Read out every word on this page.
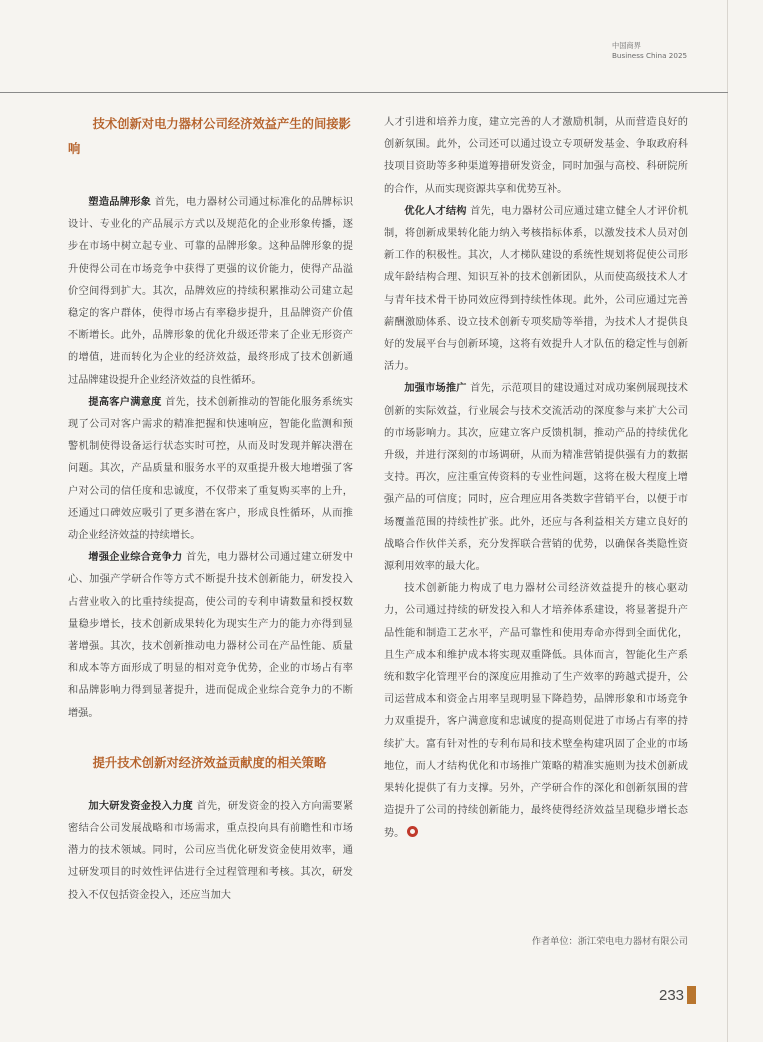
中国商界
Business China 2025
技术创新对电力器材公司经济效益产生的间接影响

塑造品牌形象 首先，电力器材公司通过标准化的品牌标识设计、专业化的产品展示方式以及规范化的企业形象传播，逐步在市场中树立起专业、可靠的品牌形象。这种品牌形象的提升使得公司在市场竞争中获得了更强的议价能力，使得产品溢价空间得到扩大。其次，品牌效应的持续积累推动公司建立起稳定的客户群体，使得市场占有率稳步提升，且品牌资产价值不断增长。此外，品牌形象的优化升级还带来了企业无形资产的增值，进而转化为企业的经济效益，最终形成了技术创新通过品牌建设提升企业经济效益的良性循环。

提高客户满意度 首先，技术创新推动的智能化服务系统实现了公司对客户需求的精准把握和快速响应，智能化监测和预警机制使得设备运行状态实时可控，从而及时发现并解决潜在问题。其次，产品质量和服务水平的双重提升极大地增强了客户对公司的信任度和忠诚度，不仅带来了重复购买率的上升，还通过口碑效应吸引了更多潜在客户，形成良性循环，从而推动企业经济效益的持续增长。

增强企业综合竞争力 首先，电力器材公司通过建立研发中心、加强产学研合作等方式不断提升技术创新能力，研发投入占营业收入的比重持续提高，使公司的专利申请数量和授权数量稳步增长，技术创新成果转化为现实生产力的能力亦得到显著增强。其次，技术创新推动电力器材公司在产品性能、质量和成本等方面形成了明显的相对竞争优势，企业的市场占有率和品牌影响力得到显著提升，进而促成企业综合竞争力的不断增强。

提升技术创新对经济效益贡献度的相关策略

加大研发资金投入力度 首先，研发资金的投入方向需要紧密结合公司发展战略和市场需求，重点投向具有前瞻性和市场潜力的技术领域。同时，公司应当优化研发资金使用效率，通过研发项目的时效性评估进行全过程管理和考核。其次，研发投入不仅包括资金投入，还应当加大

人才引进和培养力度，建立完善的人才激励机制，从而营造良好的创新氛围。此外，公司还可以通过设立专项研发基金、争取政府科技项目资助等多种渠道筹措研发资金，同时加强与高校、科研院所的合作，从而实现资源共享和优势互补。

优化人才结构 首先，电力器材公司应通过建立健全人才评价机制，将创新成果转化能力纳入考核指标体系，以激发技术人员对创新工作的积极性。其次，人才梯队建设的系统性规划将促使公司形成年龄结构合理、知识互补的技术创新团队，从而使高级技术人才与青年技术骨干协同效应得到持续性体现。此外，公司应通过完善薪酬激励体系、设立技术创新专项奖励等举措，为技术人才提供良好的发展平台与创新环境，这将有效提升人才队伍的稳定性与创新活力。

加强市场推广 首先，示范项目的建设通过对成功案例展现技术创新的实际效益，行业展会与技术交流活动的深度参与来扩大公司的市场影响力。其次，应建立客户反馈机制，推动产品的持续优化升级，并进行深刻的市场调研，从而为精准营销提供强有力的数据支持。再次，应注重宣传资料的专业性问题，这将在极大程度上增强产品的可信度；同时，应合理应用各类数字营销平台，以便于市场覆盖范围的持续性扩张。此外，还应与各利益相关方建立良好的战略合作伙伴关系，充分发挥联合营销的优势，以确保各类隐性资源利用效率的最大化。

技术创新能力构成了电力器材公司经济效益提升的核心驱动力，公司通过持续的研发投入和人才培养体系建设，将显著提升产品性能和制造工艺水平，产品可靠性和使用寿命亦得到全面优化，且生产成本和维护成本将实现双重降低。具体而言，智能化生产系统和数字化管理平台的深度应用推动了生产效率的跨越式提升，公司运营成本和资金占用率呈现明显下降趋势，品牌形象和市场竞争力双重提升，客户满意度和忠诚度的提高则促进了市场占有率的持续扩大。富有针对性的专利布局和技术壁垒构建巩固了企业的市场地位，而人才结构优化和市场推广策略的精准实施则为技术创新成果转化提供了有力支撑。另外，产学研合作的深化和创新氛围的营造提升了公司的持续创新能力，最终使得经济效益呈现稳步增长态势。

作者单位：浙江荣电电力器材有限公司
233
